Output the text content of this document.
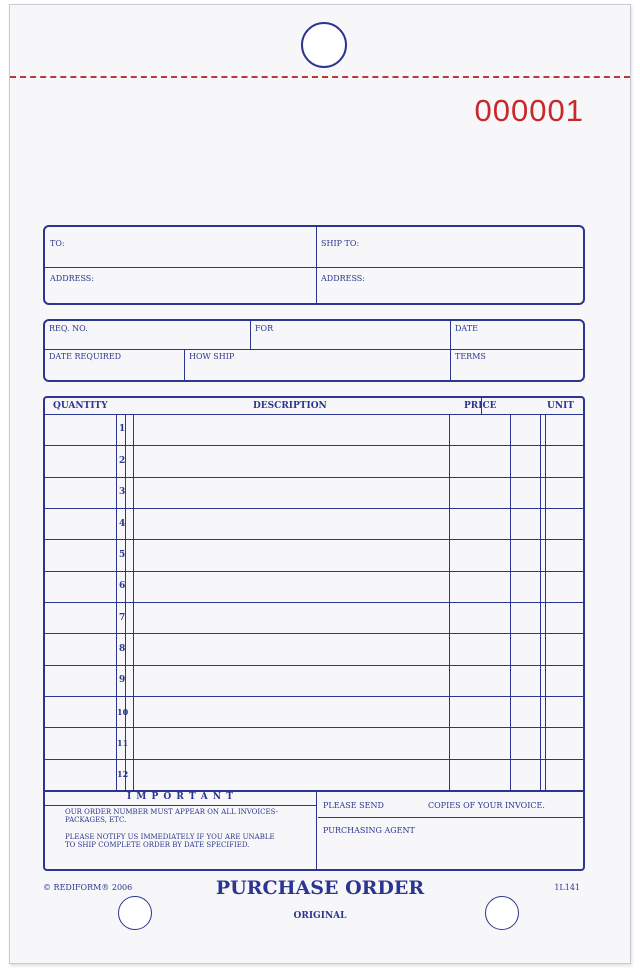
000001
TO:	SHIP TO:
ADDRESS:	ADDRESS:
REQ. NO.	FOR	DATE
DATE REQUIRED	HOW SHIP	TERMS
QUANTITY	DESCRIPTION	PRICE	UNIT
1
2
3
4
5
6
7
8
9
10
11
12
I M P O R T A N T
OUR ORDER NUMBER MUST APPEAR ON ALL INVOICES-PACKAGES, ETC.
PLEASE NOTIFY US IMMEDIATELY IF YOU ARE UNABLE TO SHIP COMPLETE ORDER BY DATE SPECIFIED.
PLEASE SEND	COPIES OF YOUR INVOICE.
PURCHASING AGENT
© REDIFORM® 2006	PURCHASE ORDER
ORIGINAL
1L141
